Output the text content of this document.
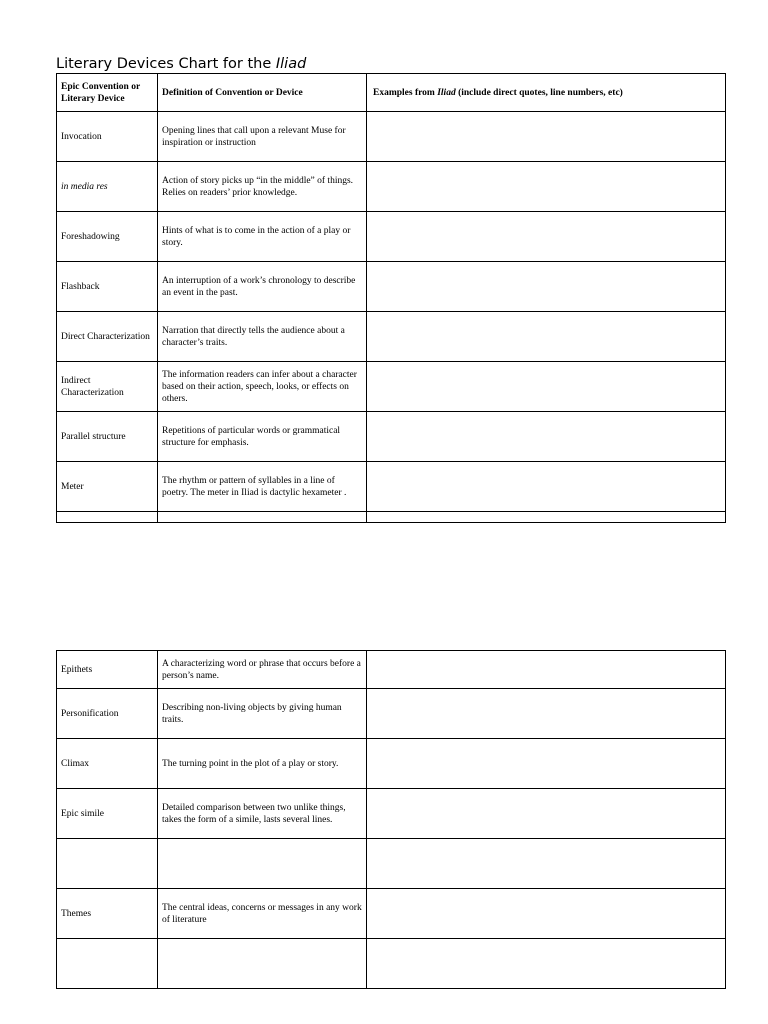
Literary Devices Chart for the Iliad
Epic Convention or Literary Device	Definition of Convention or Device	Examples from Iliad (include direct quotes, line numbers, etc)
Invocation	Opening lines that call upon a relevant Muse for inspiration or instruction	
in media res	Action of story picks up “in the middle” of things. Relies on readers’ prior knowledge.	
Foreshadowing	Hints of what is to come in the action of a play or story.	
Flashback	An interruption of a work’s chronology to describe an event in the past.	
Direct Characterization	Narration that directly tells the audience about a character’s traits.	
Indirect Characterization	The information readers can infer about a character based on their action, speech, looks, or effects on others.	
Parallel structure	Repetitions of particular words or grammatical structure for emphasis.	
Meter	The rhythm or pattern of syllables in a line of poetry. The meter in Iliad is dactylic hexameter .	

Epithets	A characterizing word or phrase that occurs before a person’s name.	
Personification	Describing non-living objects by giving human traits.	
Climax	The turning point in the plot of a play or story.	
Epic simile	Detailed comparison between two unlike things, takes the form of a simile, lasts several lines.	

Themes	The central ideas, concerns or messages in any work of literature	
